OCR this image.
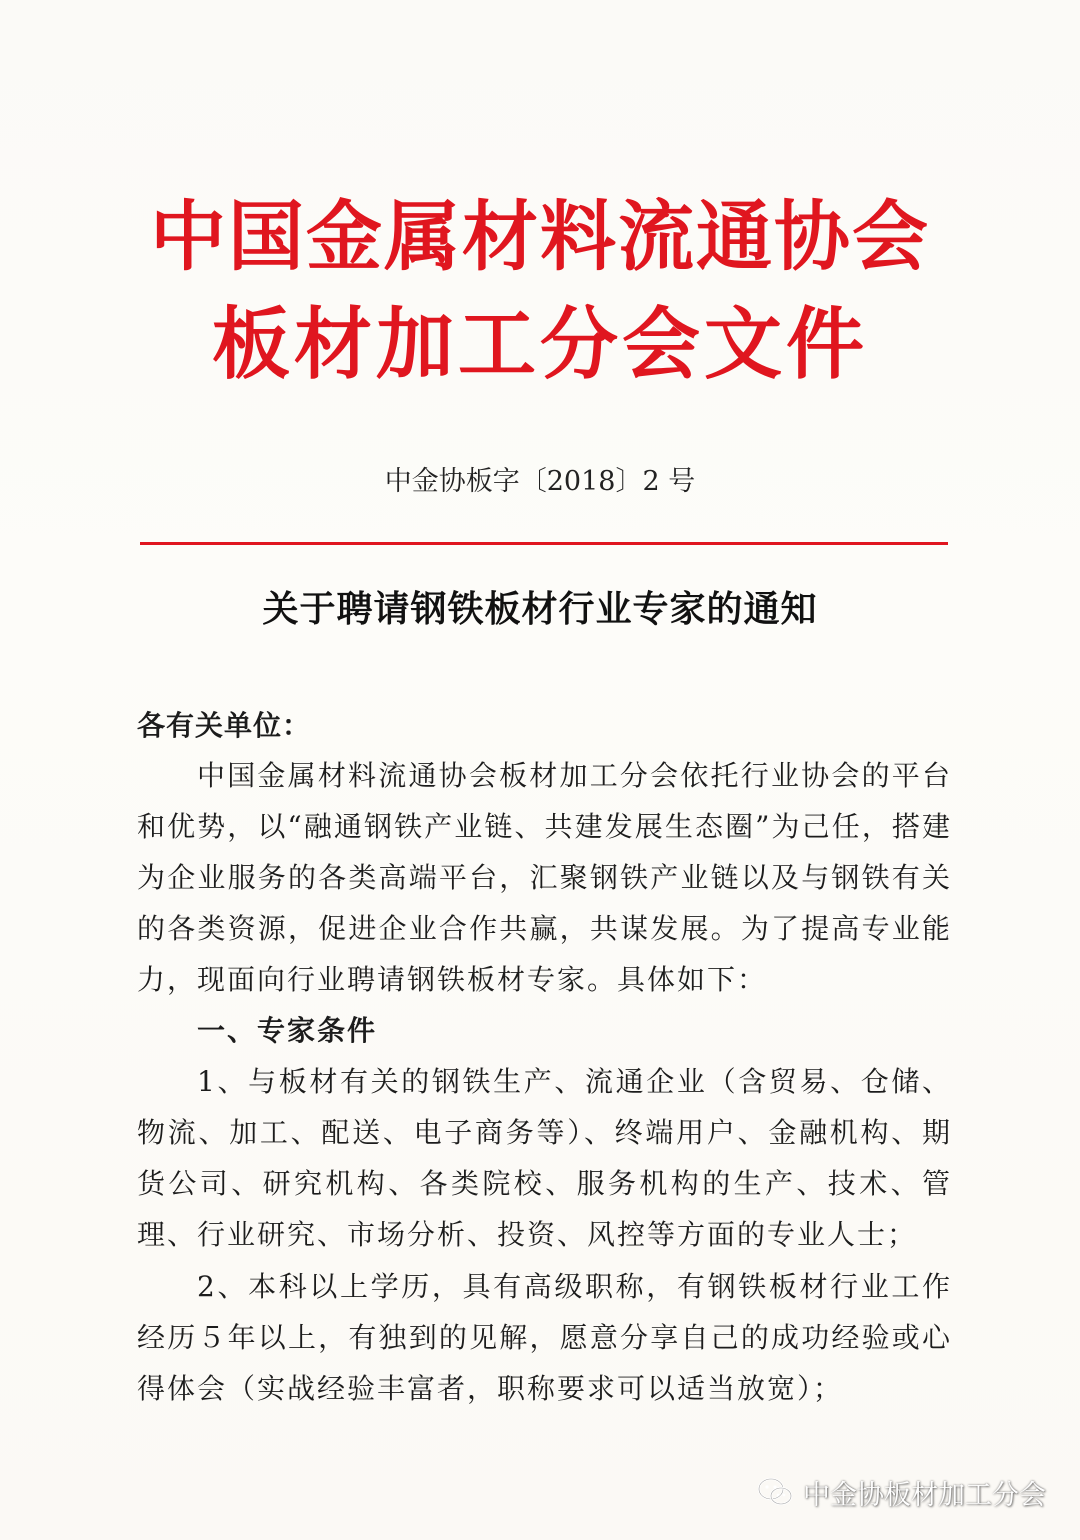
中国金属材料流通协会
板材加工分会文件
中金协板字〔2018〕2 号
关于聘请钢铁板材行业专家的通知
各有关单位：
中国金属材料流通协会板材加工分会依托行业协会的平台和优势，以“融通钢铁产业链、共建发展生态圈”为己任，搭建为企业服务的各类高端平台，汇聚钢铁产业链以及与钢铁有关的各类资源，促进企业合作共赢，共谋发展。为了提高专业能力，现面向行业聘请钢铁板材专家。具体如下：
一、专家条件
1、与板材有关的钢铁生产、流通企业（含贸易、仓储、物流、加工、配送、电子商务等）、终端用户、金融机构、期货公司、研究机构、各类院校、服务机构的生产、技术、管理、行业研究、市场分析、投资、风控等方面的专业人士；
2、本科以上学历，具有高级职称，有钢铁板材行业工作经历５年以上，有独到的见解，愿意分享自己的成功经验或心得体会（实战经验丰富者，职称要求可以适当放宽）；
中金协板材加工分会
